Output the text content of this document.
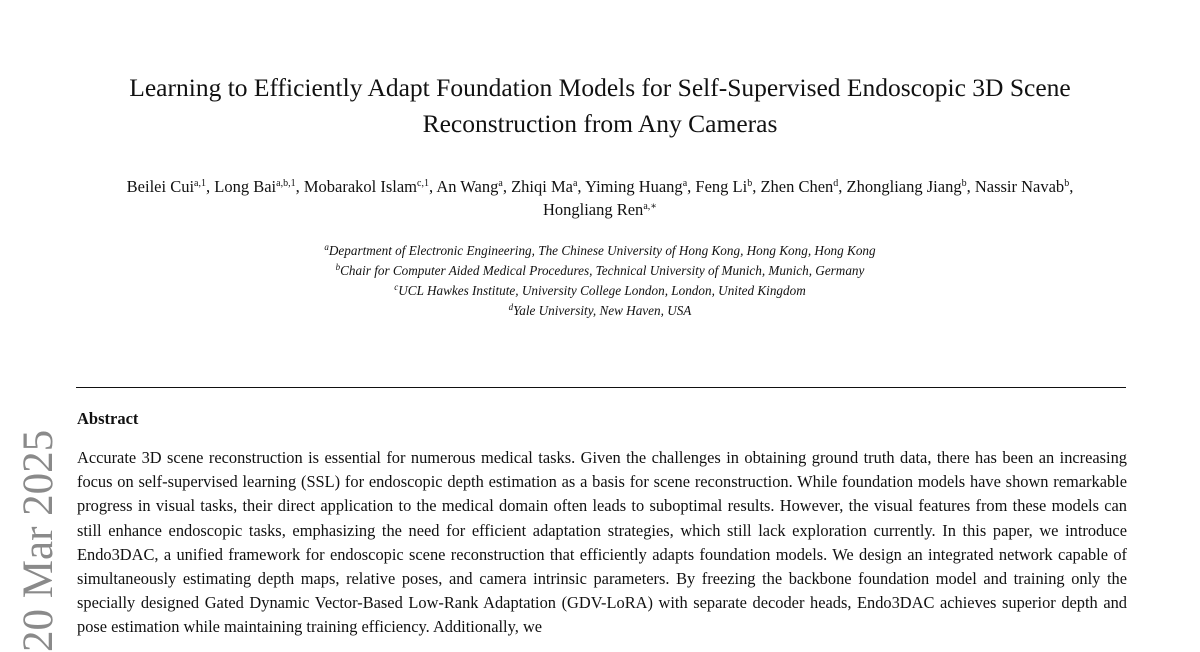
Learning to Efficiently Adapt Foundation Models for Self-Supervised Endoscopic 3D Scene Reconstruction from Any Cameras
Beilei Cui$^{a,1}$, Long Bai$^{a,b,1}$, Mobarakol Islam$^{c,1}$, An Wang$^a$, Zhiqi Ma$^a$, Yiming Huang$^a$, Feng Li$^b$, Zhen Chen$^d$, Zhongliang Jiang$^b$, Nassir Navab$^b$, Hongliang Ren$^{a,∗}$
$^a$Department of Electronic Engineering, The Chinese University of Hong Kong, Hong Kong, Hong Kong
$^b$Chair for Computer Aided Medical Procedures, Technical University of Munich, Munich, Germany
$^c$UCL Hawkes Institute, University College London, London, United Kingdom
$^d$Yale University, New Haven, USA
Abstract

Accurate 3D scene reconstruction is essential for numerous medical tasks. Given the challenges in obtaining ground truth data, there has been an increasing focus on self-supervised learning (SSL) for endoscopic depth estimation as a basis for scene reconstruction. While foundation models have shown remarkable progress in visual tasks, their direct application to the medical domain often leads to suboptimal results. However, the visual features from these models can still enhance endoscopic tasks, emphasizing the need for efficient adaptation strategies, which still lack exploration currently. In this paper, we introduce Endo3DAC, a unified framework for endoscopic scene reconstruction that efficiently adapts foundation models. We design an integrated network capable of simultaneously estimating depth maps, relative poses, and camera intrinsic parameters. By freezing the backbone foundation model and training only the specially designed Gated Dynamic Vector-Based Low-Rank Adaptation (GDV-LoRA) with separate decoder heads, Endo3DAC achieves superior depth and pose estimation while maintaining training efficiency. Additionally, we

20 Mar 2025
